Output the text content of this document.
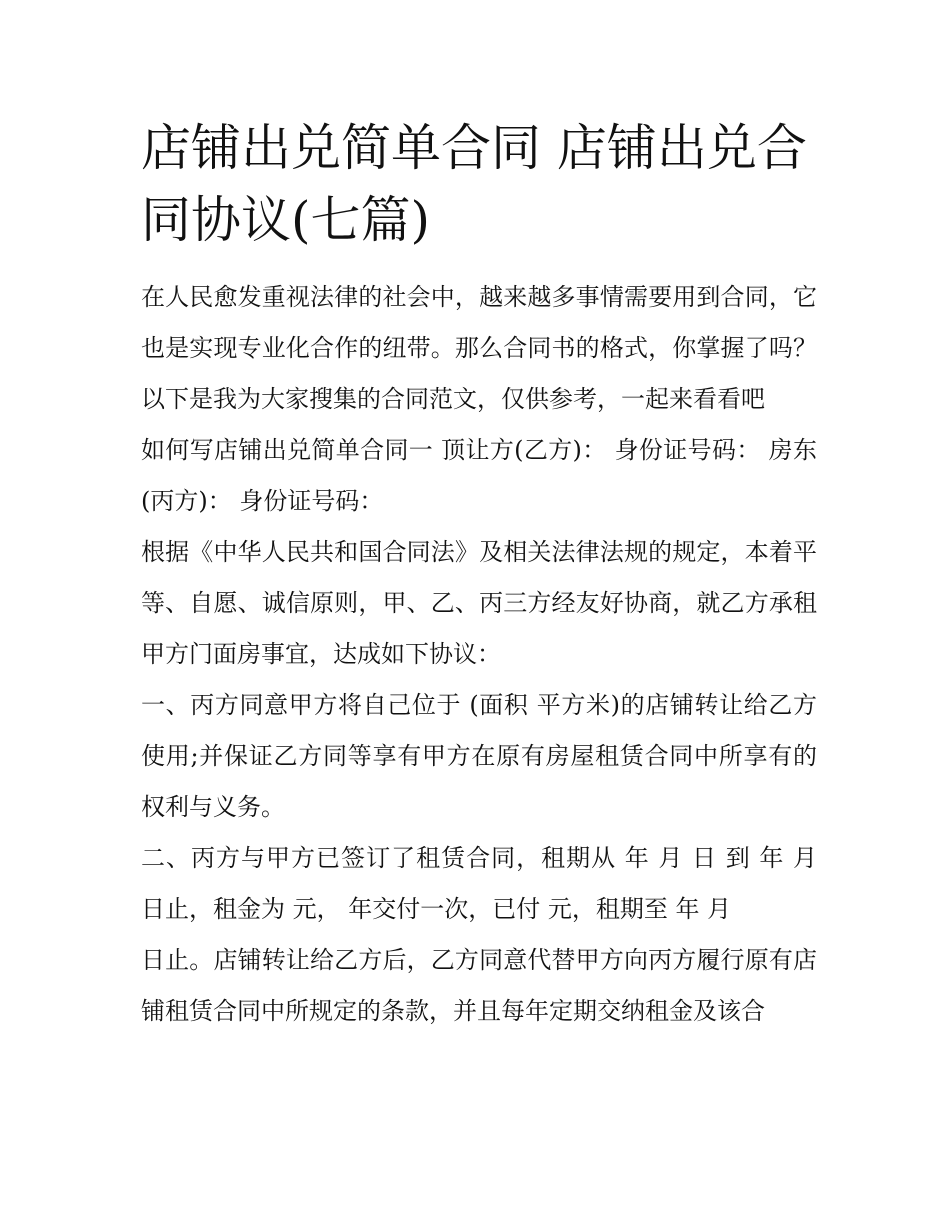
店铺出兑简单合同 店铺出兑合同协议(七篇)

在人民愈发重视法律的社会中，越来越多事情需要用到合同，它也是实现专业化合作的纽带。那么合同书的格式，你掌握了吗？以下是我为大家搜集的合同范文，仅供参考，一起来看看吧

如何写店铺出兑简单合同一 顶让方(乙方)： 身份证号码： 房东(丙方)： 身份证号码：

根据《中华人民共和国合同法》及相关法律法规的规定，本着平等、自愿、诚信原则，甲、乙、丙三方经友好协商，就乙方承租甲方门面房事宜，达成如下协议：

一、丙方同意甲方将自己位于 (面积 平方米)的店铺转让给乙方使用;并保证乙方同等享有甲方在原有房屋租赁合同中所享有的权利与义务。

二、丙方与甲方已签订了租赁合同，租期从 年 月 日 到 年 月 日止，租金为 元， 年交付一次，已付 元，租期至 年 月

日止。店铺转让给乙方后，乙方同意代替甲方向丙方履行原有店铺租赁合同中所规定的条款，并且每年定期交纳租金及该合
